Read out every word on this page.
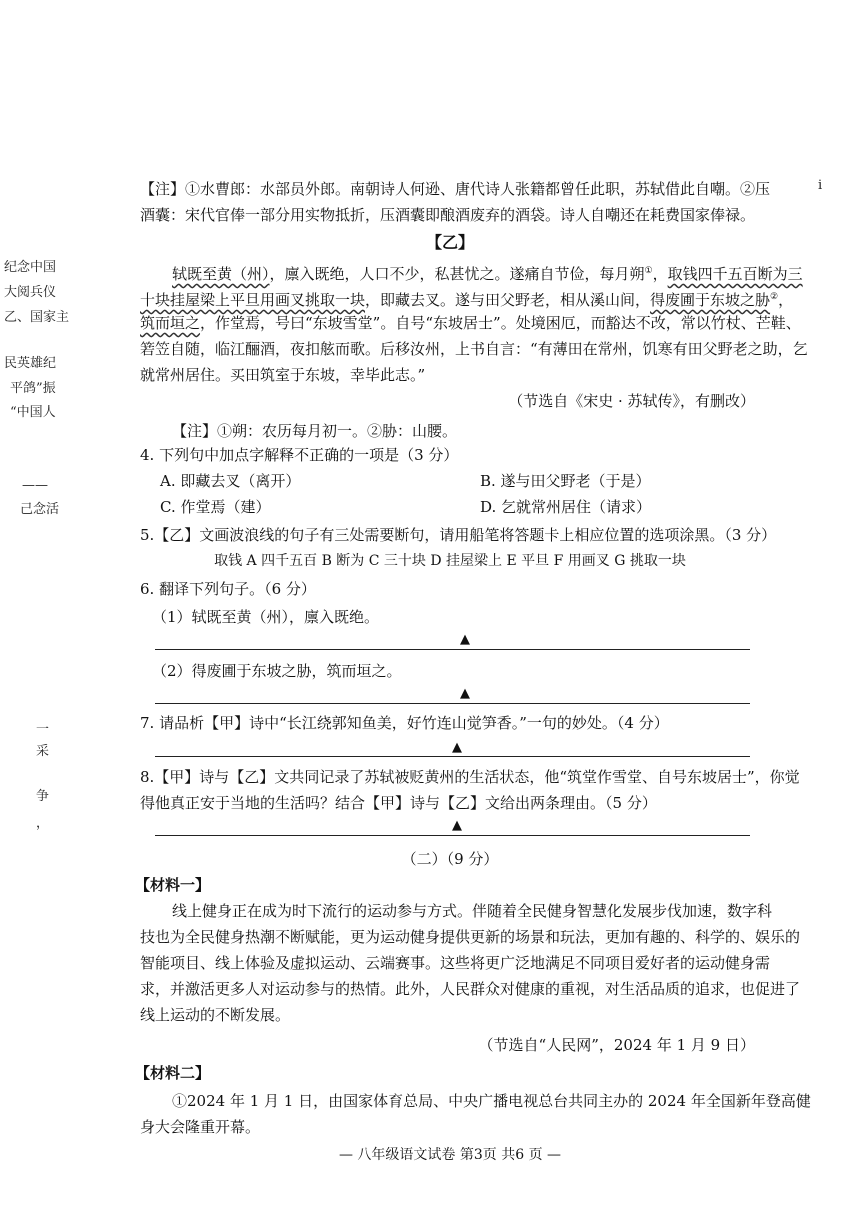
纪念中国
大阅兵仪
乙、国家主
民英雄纪
平鸽”振
“中国人
——
己念活
一
采
争
，
i
【注】①水曹郎：水部员外郎。南朝诗人何逊、唐代诗人张籍都曾任此职，苏轼借此自嘲。②压
酒囊：宋代官俸一部分用实物抵折，压酒囊即酿酒废弃的酒袋。诗人自嘲还在耗费国家俸禄。
【乙】
轼既至黄（州），廪入既绝，人口不少，私甚忧之。遂痛自节俭，每月朔①，取钱四千五百断为三
十块挂屋梁上平旦用画叉挑取一块，即藏去叉。遂与田父野老，相从溪山间，得废圃于东坡之胁②，
筑而垣之，作堂焉，号曰“东坡雪堂”。自号“东坡居士”。处境困厄，而豁达不改，常以竹杖、芒鞋、
箬笠自随，临江酾酒，夜扣舷而歌。后移汝州，上书自言：“有薄田在常州，饥寒有田父野老之助，乞
就常州居住。买田筑室于东坡，幸毕此志。”
（节选自《宋史 · 苏轼传》，有删改）
【注】①朔：农历每月初一。②胁：山腰。
4. 下列句中加点字解释不正确的一项是（3 分）
A. 即藏去叉（离开）	B. 遂与田父野老（于是）
C. 作堂焉（建）	D. 乞就常州居住（请求）
5.【乙】文画波浪线的句子有三处需要断句，请用船笔将答题卡上相应位置的选项涂黑。（3 分）
取钱 A 四千五百 B 断为 C 三十块 D 挂屋梁上 E 平旦 F 用画叉 G 挑取一块
6. 翻译下列句子。（6 分）
（1）轼既至黄（州），廪入既绝。
▲
（2）得废圃于东坡之胁，筑而垣之。
▲
7. 请品析【甲】诗中“长江绕郭知鱼美，好竹连山觉笋香。”一句的妙处。（4 分）
▲
8.【甲】诗与【乙】文共同记录了苏轼被贬黄州的生活状态，他“筑堂作雪堂、自号东坡居士”，你觉
得他真正安于当地的生活吗？结合【甲】诗与【乙】文给出两条理由。（5 分）
▲
（二）（9 分）
【材料一】
线上健身正在成为时下流行的运动参与方式。伴随着全民健身智慧化发展步伐加速，数字科
技也为全民健身热潮不断赋能，更为运动健身提供更新的场景和玩法，更加有趣的、科学的、娱乐的
智能项目、线上体验及虚拟运动、云端赛事。这些将更广泛地满足不同项目爱好者的运动健身需
求，并激活更多人对运动参与的热情。此外，人民群众对健康的重视，对生活品质的追求，也促进了
线上运动的不断发展。
（节选自“人民网”，2024 年 1 月 9 日）
【材料二】
①2024 年 1 月 1 日，由国家体育总局、中央广播电视总台共同主办的 2024 年全国新年登高健
身大会隆重开幕。
— 八年级语文试卷 第3页 共6 页 —
